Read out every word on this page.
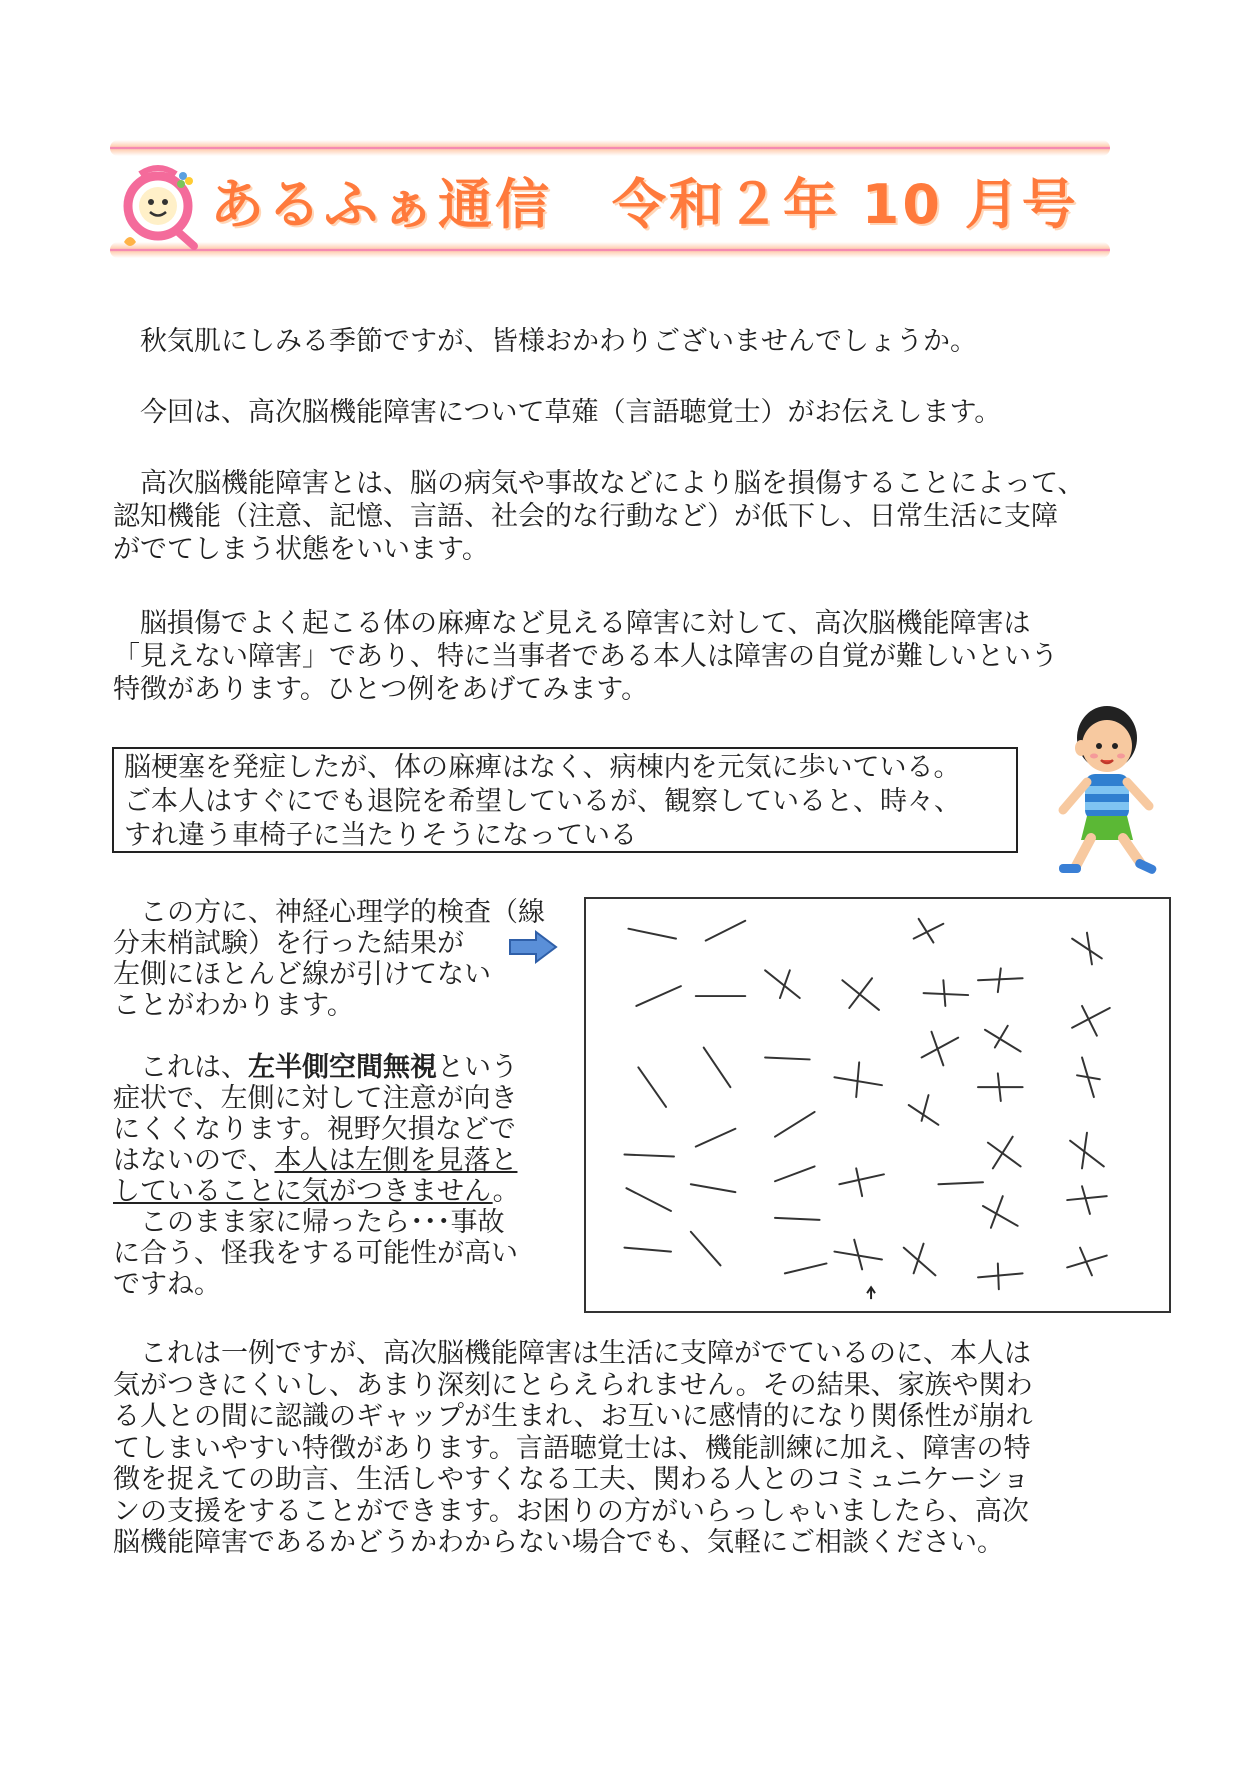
あるふぁ通信 令和２年 10 月号

秋気肌にしみる季節ですが、皆様おかわりございませんでしょうか。

今回は、高次脳機能障害について草薙（言語聴覚士）がお伝えします。

高次脳機能障害とは、脳の病気や事故などにより脳を損傷することによって、

認知機能（注意、記憶、言語、社会的な行動など）が低下し、日常生活に支障

がでてしまう状態をいいます。

脳損傷でよく起こる体の麻痺など見える障害に対して、高次脳機能障害は

「見えない障害」であり、特に当事者である本人は障害の自覚が難しいという

特徴があります。ひとつ例をあげてみます。

脳梗塞を発症したが、体の麻痺はなく、病棟内を元気に歩いている。

ご本人はすぐにでも退院を希望しているが、観察していると、時々、

すれ違う車椅子に当たりそうになっている

この方に、神経心理学的検査（線

分末梢試験）を行った結果が

左側にほとんど線が引けてない

ことがわかります。

これは、左半側空間無視という

症状で、左側に対して注意が向き

にくくなります。視野欠損などで

はないので、本人は左側を見落と

していることに気がつきません。

このまま家に帰ったら･･･事故

に合う、怪我をする可能性が高い

ですね。

これは一例ですが、高次脳機能障害は生活に支障がでているのに、本人は

気がつきにくいし、あまり深刻にとらえられません。その結果、家族や関わ

る人との間に認識のギャップが生まれ、お互いに感情的になり関係性が崩れ

てしまいやすい特徴があります。言語聴覚士は、機能訓練に加え、障害の特

徴を捉えての助言、生活しやすくなる工夫、関わる人とのコミュニケーショ

ンの支援をすることができます。お困りの方がいらっしゃいましたら、高次

脳機能障害であるかどうかわからない場合でも、気軽にご相談ください。
